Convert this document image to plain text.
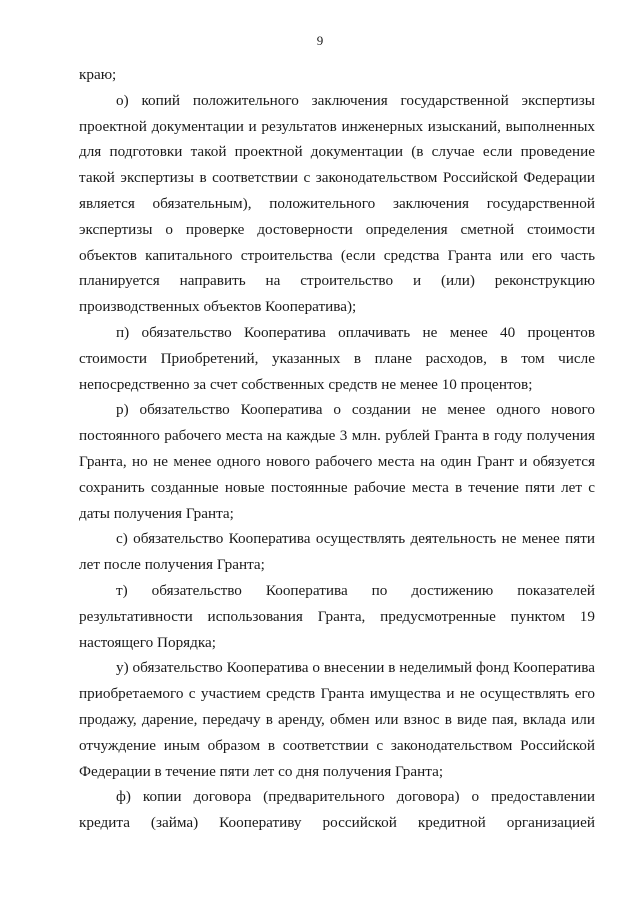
9
краю;
о) копий положительного заключения государственной экспертизы
проектной документации и результатов инженерных изысканий, выполненных
для подготовки такой проектной документации (в случае если проведение
такой экспертизы в соответствии с законодательством Российской Федерации
является обязательным), положительного заключения государственной
экспертизы о проверке достоверности определения сметной стоимости
объектов капитального строительства (если средства Гранта или его часть
планируется направить на строительство и (или) реконструкцию
производственных объектов Кооператива);
п) обязательство Кооператива оплачивать не менее 40 процентов
стоимости Приобретений, указанных в плане расходов, в том числе
непосредственно за счет собственных средств не менее 10 процентов;
р) обязательство Кооператива о создании не менее одного нового
постоянного рабочего места на каждые 3 млн. рублей Гранта в году получения
Гранта, но не менее одного нового рабочего места на один Грант и обязуется
сохранить созданные новые постоянные рабочие места в течение пяти лет с
даты получения Гранта;
с) обязательство Кооператива осуществлять деятельность не менее пяти
лет после получения Гранта;
т) обязательство Кооператива по достижению показателей
результативности использования Гранта, предусмотренные пунктом 19
настоящего Порядка;
у) обязательство Кооператива о внесении в неделимый фонд Кооператива
приобретаемого с участием средств Гранта имущества и не осуществлять его
продажу, дарение, передачу в аренду, обмен или взнос в виде пая, вклада или
отчуждение иным образом в соответствии с законодательством Российской
Федерации в течение пяти лет со дня получения Гранта;
ф) копии договора (предварительного договора) о предоставлении
кредита (займа) Кооперативу российской кредитной организацией
